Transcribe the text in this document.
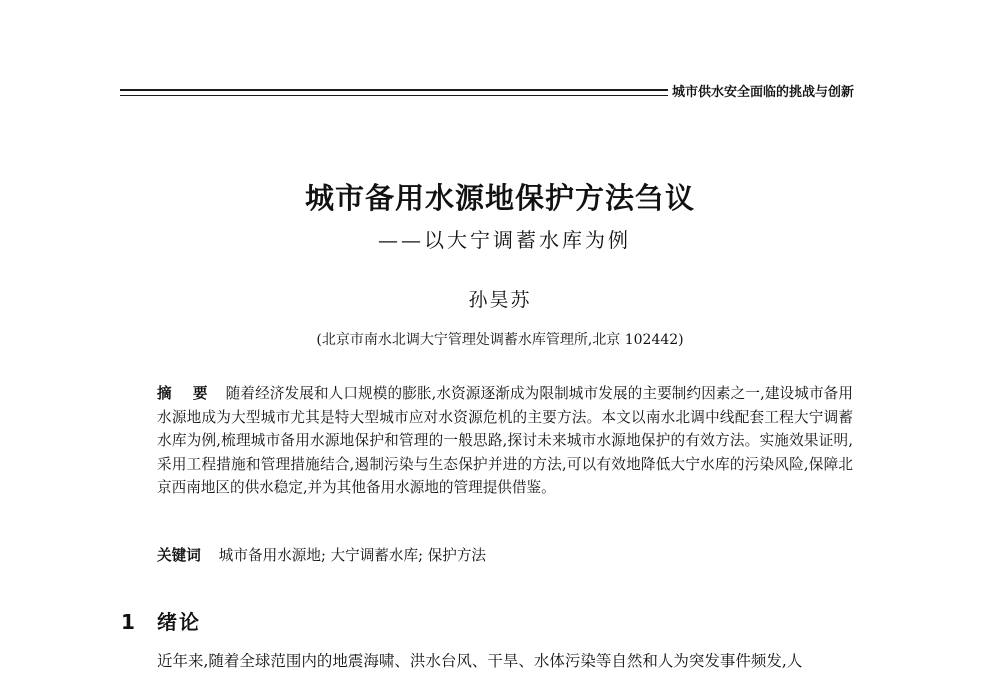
城市供水安全面临的挑战与创新
城市备用水源地保护方法刍议
——以大宁调蓄水库为例
孙昊苏
(北京市南水北调大宁管理处调蓄水库管理所,北京 102442)

摘 要 随着经济发展和人口规模的膨胀,水资源逐渐成为限制城市发展的主要制约因素之一,建设城市备用水源地成为大型城市尤其是特大型城市应对水资源危机的主要方法。本文以南水北调中线配套工程大宁调蓄水库为例,梳理城市备用水源地保护和管理的一般思路,探讨未来城市水源地保护的有效方法。实施效果证明,采用工程措施和管理措施结合,遏制污染与生态保护并进的方法,可以有效地降低大宁水库的污染风险,保障北京西南地区的供水稳定,并为其他备用水源地的管理提供借鉴。

关键词 城市备用水源地; 大宁调蓄水库; 保护方法
1 绪论
近年来,随着全球范围内的地震海啸、洪水台风、干旱、水体污染等自然和人为突发事件频发,人
